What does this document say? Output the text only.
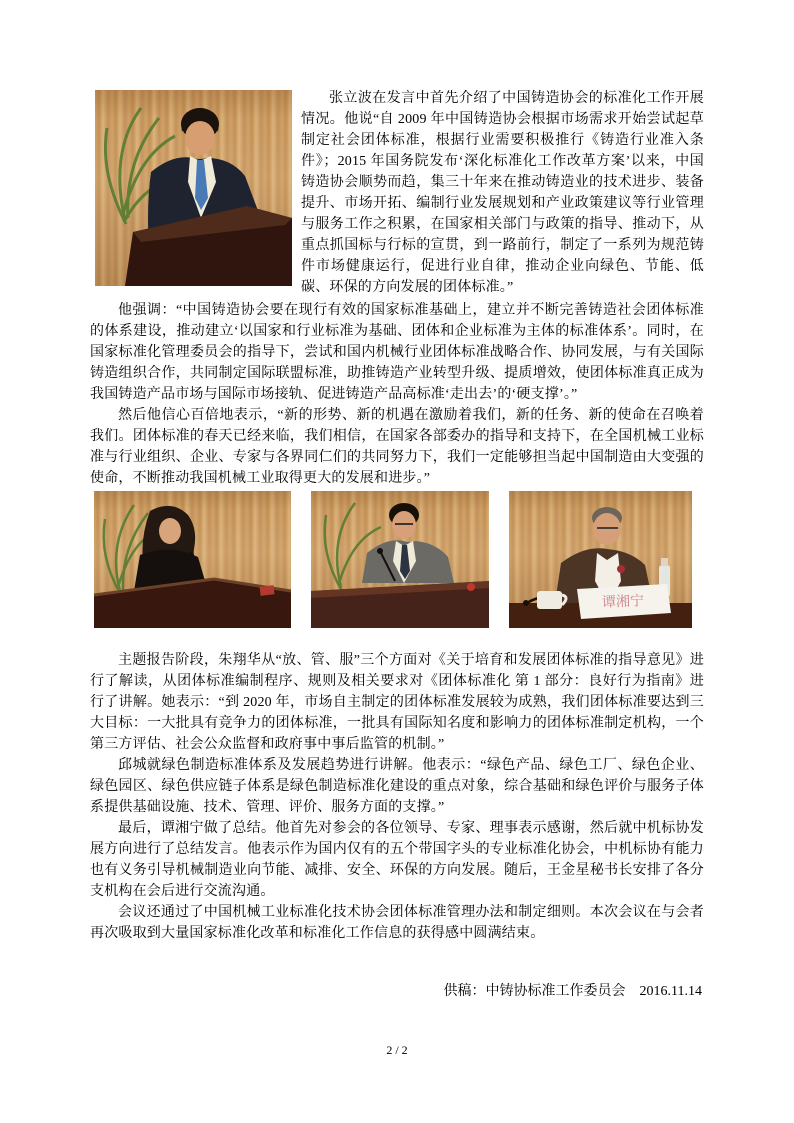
张立波在发言中首先介绍了中国铸造协会的标准化工作开展情况。他说“自 2009 年中国铸造协会根据市场需求开始尝试起草制定社会团体标准，根据行业需要积极推行《铸造行业准入条件》；2015 年国务院发布‘深化标准化工作改革方案’以来，中国铸造协会顺势而趋，集三十年来在推动铸造业的技术进步、装备提升、市场开拓、编制行业发展规划和产业政策建议等行业管理与服务工作之积累，在国家相关部门与政策的指导、推动下，从重点抓国标与行标的宣贯，到一路前行，制定了一系列为规范铸件市场健康运行，促进行业自律，推动企业向绿色、节能、低碳、环保的方向发展的团体标准。”

他强调：“中国铸造协会要在现行有效的国家标准基础上，建立并不断完善铸造社会团体标准的体系建设，推动建立‘以国家和行业标准为基础、团体和企业标准为主体的标准体系’。同时，在国家标准化管理委员会的指导下，尝试和国内机械行业团体标准战略合作、协同发展，与有关国际铸造组织合作，共同制定国际联盟标准，助推铸造产业转型升级、提质增效，使团体标准真正成为我国铸造产品市场与国际市场接轨、促进铸造产品高标准‘走出去’的‘硬支撑’。”

然后他信心百倍地表示，“新的形势、新的机遇在激励着我们，新的任务、新的使命在召唤着我们。团体标准的春天已经来临，我们相信，在国家各部委办的指导和支持下，在全国机械工业标准与行业组织、企业、专家与各界同仁们的共同努力下，我们一定能够担当起中国制造由大变强的使命，不断推动我国机械工业取得更大的发展和进步。”

谭湘宁

主题报告阶段，朱翔华从“放、管、服”三个方面对《关于培育和发展团体标准的指导意见》进行了解读，从团体标准编制程序、规则及相关要求对《团体标准化 第 1 部分：良好行为指南》进行了讲解。她表示：“到 2020 年，市场自主制定的团体标准发展较为成熟，我们团体标准要达到三大目标：一大批具有竞争力的团体标准，一批具有国际知名度和影响力的团体标准制定机构，一个第三方评估、社会公众监督和政府事中事后监管的机制。”

邱城就绿色制造标准体系及发展趋势进行讲解。他表示：“绿色产品、绿色工厂、绿色企业、绿色园区、绿色供应链子体系是绿色制造标准化建设的重点对象，综合基础和绿色评价与服务子体系提供基础设施、技术、管理、评价、服务方面的支撑。”

最后，谭湘宁做了总结。他首先对参会的各位领导、专家、理事表示感谢，然后就中机标协发展方向进行了总结发言。他表示作为国内仅有的五个带国字头的专业标准化协会，中机标协有能力也有义务引导机械制造业向节能、减排、安全、环保的方向发展。随后，王金星秘书长安排了各分支机构在会后进行交流沟通。

会议还通过了中国机械工业标准化技术协会团体标准管理办法和制定细则。本次会议在与会者再次吸取到大量国家标准化改革和标准化工作信息的获得感中圆满结束。

供稿：中铸协标准工作委员会　2016.11.14

2 / 2
